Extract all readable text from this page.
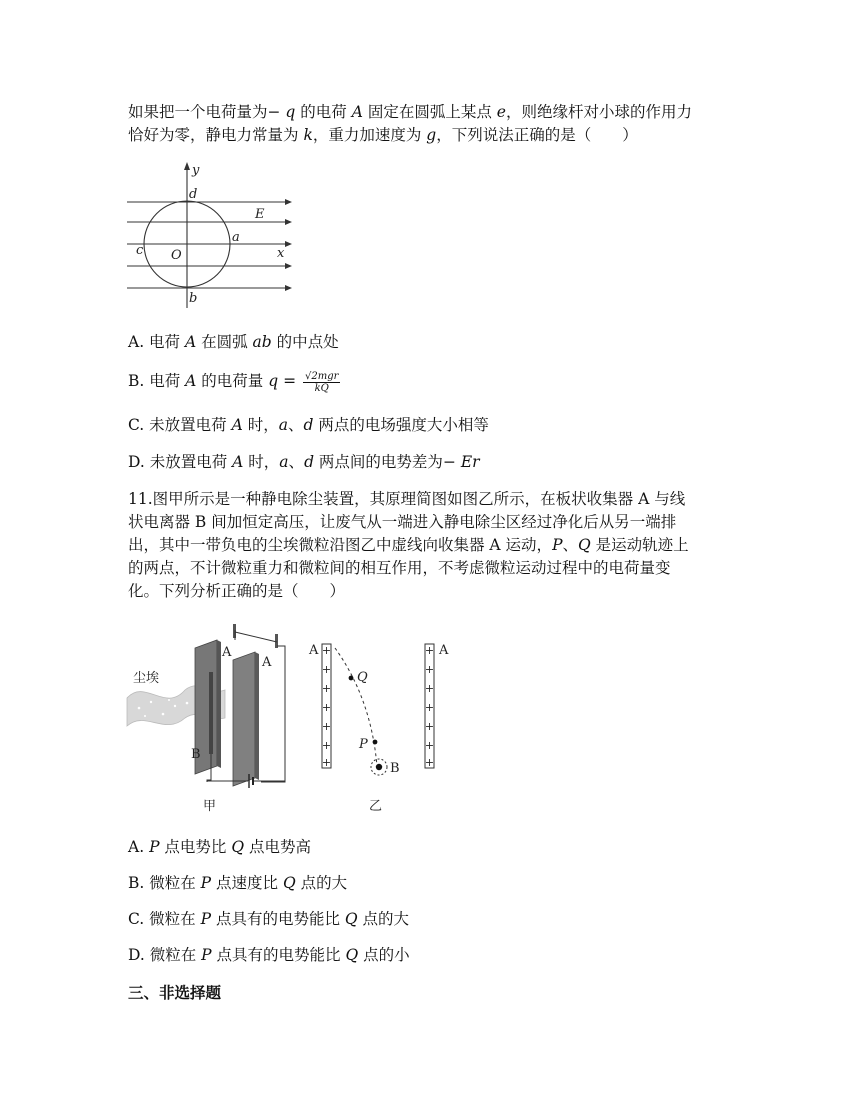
如果把一个电荷量为− q 的电荷 A 固定在圆弧上某点 e，则绝缘杆对小球的作用力
恰好为零，静电力常量为 k，重力加速度为 g，下列说法正确的是（　　）
y
d
E
a
c O	x
b
A. 电荷 A 在圆弧 ab 的中点处
B. 电荷 A 的电荷量 $q = \frac{\text{√2mgr}}{kQ}$
C. 未放置电荷 A 时，a、d 两点的电场强度大小相等
D. 未放置电荷 A 时，a、d 两点间的电势差为− Er
11.图甲所示是一种静电除尘装置，其原理简图如图乙所示，在板状收集器 A 与线
状电离器 B 间加恒定高压，让废气从一端进入静电除尘区经过净化后从另一端排
出，其中一带负电的尘埃微粒沿图乙中虚线向收集器 A 运动，P、Q 是运动轨迹上
的两点，不计微粒重力和微粒间的相互作用，不考虑微粒运动过程中的电荷量变
化。下列分析正确的是（　　）
尘埃
A
A
B
甲
+
+
+
+
+
+
+
+
+
+
+
+
+
+
A	A
Q
P
B
乙
A. P 点电势比 Q 点电势高
B. 微粒在 P 点速度比 Q 点的大
C. 微粒在 P 点具有的电势能比 Q 点的大
D. 微粒在 P 点具有的电势能比 Q 点的小
三、非选择题
